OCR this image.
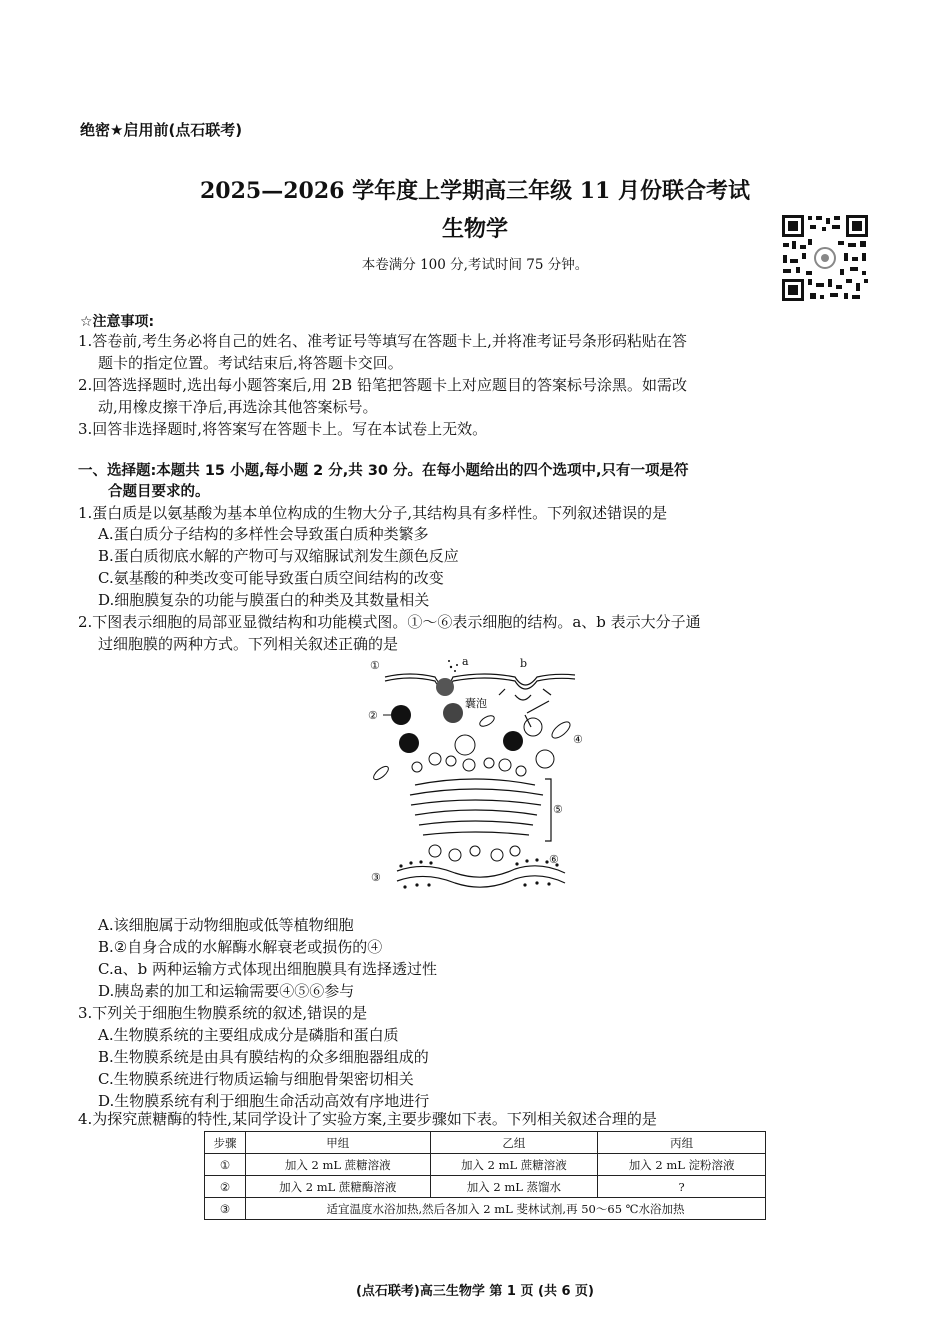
绝密★启用前(点石联考)
2025—2026 学年度上学期高三年级 11 月份联合考试
生物学
本卷满分 100 分,考试时间 75 分钟。
☆注意事项:
1.答卷前,考生务必将自己的姓名、准考证号等填写在答题卡上,并将准考证号条形码粘贴在答
题卡的指定位置。考试结束后,将答题卡交回。
2.回答选择题时,选出每小题答案后,用 2B 铅笔把答题卡上对应题目的答案标号涂黑。如需改
动,用橡皮擦干净后,再选涂其他答案标号。
3.回答非选择题时,将答案写在答题卡上。写在本试卷上无效。
一、选择题:本题共 15 小题,每小题 2 分,共 30 分。在每小题给出的四个选项中,只有一项是符
合题目要求的。
1.蛋白质是以氨基酸为基本单位构成的生物大分子,其结构具有多样性。下列叙述错误的是
A.蛋白质分子结构的多样性会导致蛋白质种类繁多
B.蛋白质彻底水解的产物可与双缩脲试剂发生颜色反应
C.氨基酸的种类改变可能导致蛋白质空间结构的改变
D.细胞膜复杂的功能与膜蛋白的种类及其数量相关
2.下图表示细胞的局部亚显微结构和功能模式图。①～⑥表示细胞的结构。a、b 表示大分子通
过细胞膜的两种方式。下列相关叙述正确的是
①	a	b
②
囊泡
④
⑤
③
⑥
A.该细胞属于动物细胞或低等植物细胞
B.②自身合成的水解酶水解衰老或损伤的④
C.a、b 两种运输方式体现出细胞膜具有选择透过性
D.胰岛素的加工和运输需要④⑤⑥参与
3.下列关于细胞生物膜系统的叙述,错误的是
A.生物膜系统的主要组成成分是磷脂和蛋白质
B.生物膜系统是由具有膜结构的众多细胞器组成的
C.生物膜系统进行物质运输与细胞骨架密切相关
D.生物膜系统有利于细胞生命活动高效有序地进行
4.为探究蔗糖酶的特性,某同学设计了实验方案,主要步骤如下表。下列相关叙述合理的是
步骤	甲组	乙组	丙组
①	加入 2 mL 蔗糖溶液	加入 2 mL 蔗糖溶液	加入 2 mL 淀粉溶液
②	加入 2 mL 蔗糖酶溶液	加入 2 mL 蒸馏水	?
③	适宜温度水浴加热,然后各加入 2 mL 斐林试剂,再 50～65 ℃水浴加热		
(点石联考)高三生物学 第 1 页 (共 6 页)
